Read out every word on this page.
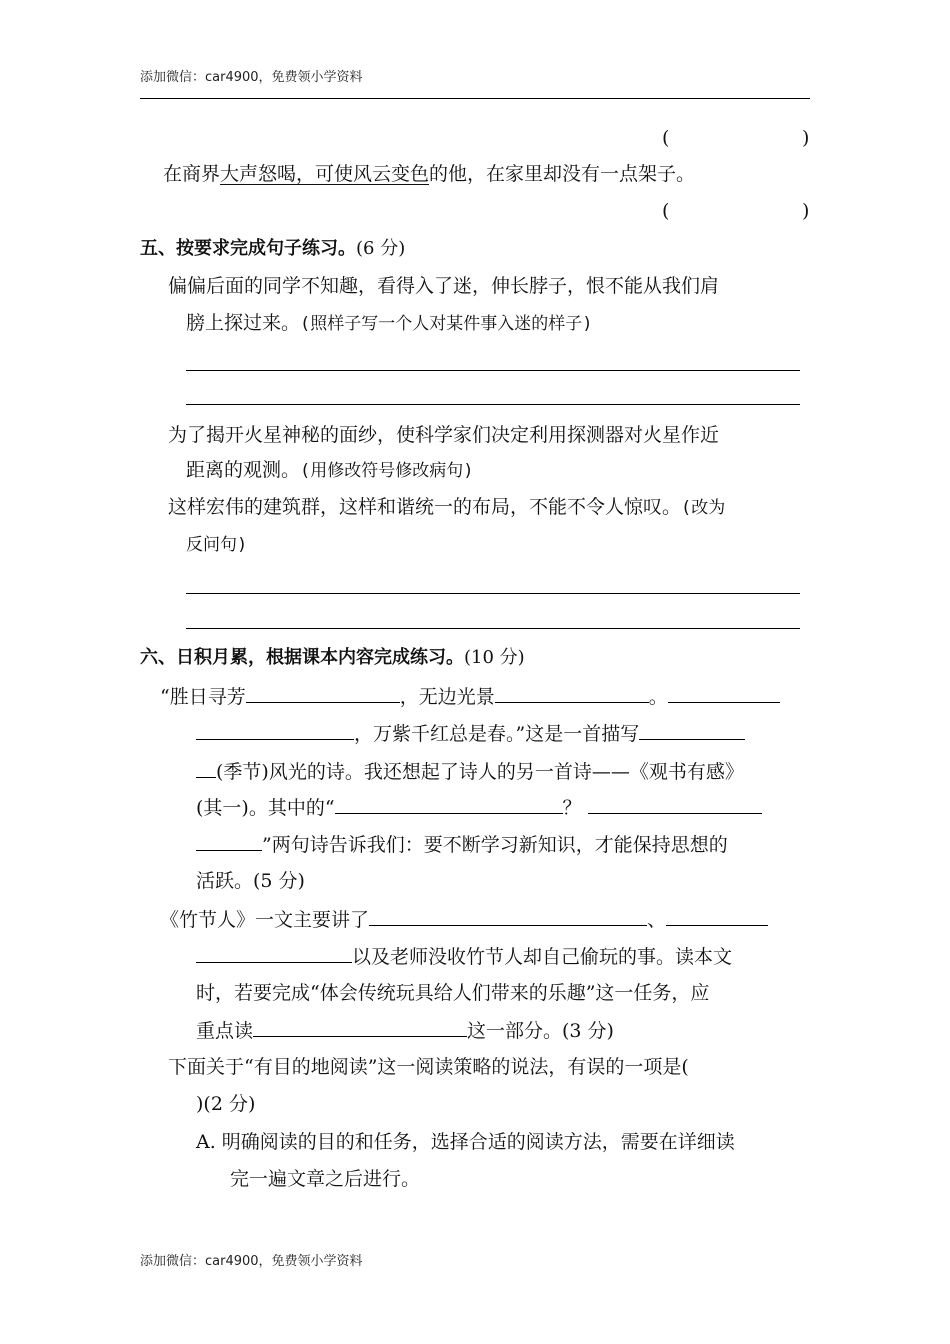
添加微信：car4900，免费领小学资料
(	)
在商界大声怒喝，可使风云变色的他，在家里却没有一点架子。
(	)
五、按要求完成句子练习。(6 分)
偏偏后面的同学不知趣，看得入了迷，伸长脖子，恨不能从我们肩
膀上探过来。(照样子写一个人对某件事入迷的样子)
为了揭开火星神秘的面纱，使科学家们决定利用探测器对火星作近
距离的观测。(用修改符号修改病句)
这样宏伟的建筑群，这样和谐统一的布局，不能不令人惊叹。(改为
反问句)
六、日积月累，根据课本内容完成练习。(10 分)
“胜日寻芳	，无边光景	。
，万紫千红总是春。”这是一首描写
(季节)风光的诗。我还想起了诗人的另一首诗——《观书有感》
(其一)。其中的“	？
”两句诗告诉我们：要不断学习新知识，才能保持思想的
活跃。(5 分)
《竹节人》一文主要讲了	、
以及老师没收竹节人却自己偷玩的事。读本文
时，若要完成“体会传统玩具给人们带来的乐趣”这一任务，应
重点读	这一部分。(3 分)
下面关于“有目的地阅读”这一阅读策略的说法，有误的一项是(
)(2 分)
A. 明确阅读的目的和任务，选择合适的阅读方法，需要在详细读
完一遍文章之后进行。
添加微信：car4900，免费领小学资料
